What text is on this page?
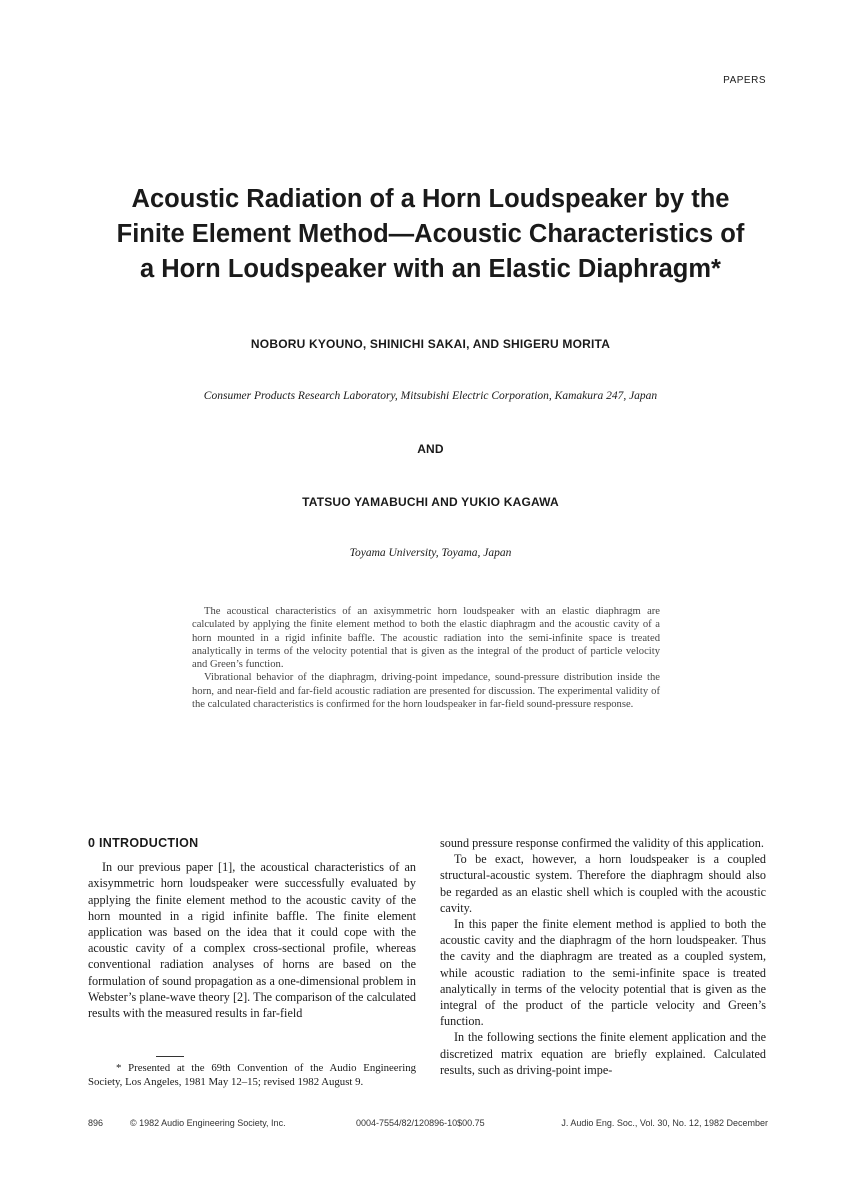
PAPERS
Acoustic Radiation of a Horn Loudspeaker by the
Finite Element Method—Acoustic Characteristics of
a Horn Loudspeaker with an Elastic Diaphragm*
NOBORU KYOUNO, SHINICHI SAKAI, AND SHIGERU MORITA
Consumer Products Research Laboratory, Mitsubishi Electric Corporation, Kamakura 247, Japan
AND
TATSUO YAMABUCHI AND YUKIO KAGAWA
Toyama University, Toyama, Japan

The acoustical characteristics of an axisymmetric horn loudspeaker with an elastic diaphragm are calculated by applying the finite element method to both the elastic diaphragm and the acoustic cavity of a horn mounted in a rigid infinite baffle. The acoustic radiation into the semi-infinite space is treated analytically in terms of the velocity potential that is given as the integral of the product of particle velocity and Green’s function.

Vibrational behavior of the diaphragm, driving-point impedance, sound-pressure distribution inside the horn, and near-field and far-field acoustic radiation are presented for discussion. The experimental validity of the calculated characteristics is confirmed for the horn loudspeaker in far-field sound-pressure response.

0 INTRODUCTION

In our previous paper [1], the acoustical characteristics of an axisymmetric horn loudspeaker were successfully evaluated by applying the finite element method to the acoustic cavity of the horn mounted in a rigid infinite baffle. The finite element application was based on the idea that it could cope with the acoustic cavity of a complex cross-sectional profile, whereas conventional radiation analyses of horns are based on the formulation of sound propagation as a one-dimensional problem in Webster’s plane-wave theory [2]. The comparison of the calculated results with the measured results in far-field

sound pressure response confirmed the validity of this application.

To be exact, however, a horn loudspeaker is a coupled structural-acoustic system. Therefore the diaphragm should also be regarded as an elastic shell which is coupled with the acoustic cavity.

In this paper the finite element method is applied to both the acoustic cavity and the diaphragm of the horn loudspeaker. Thus the cavity and the diaphragm are treated as a coupled system, while acoustic radiation to the semi-infinite space is treated analytically in terms of the velocity potential that is given as the integral of the product of the particle velocity and Green’s function.

In the following sections the finite element application and the discretized matrix equation are briefly explained. Calculated results, such as driving-point impe-

* Presented at the 69th Convention of the Audio Engineering Society, Los Angeles, 1981 May 12–15; revised 1982 August 9.

896	© 1982 Audio Engineering Society, Inc.	0004-7554/82/120896-10$00.75	J. Audio Eng. Soc., Vol. 30, No. 12, 1982 December
